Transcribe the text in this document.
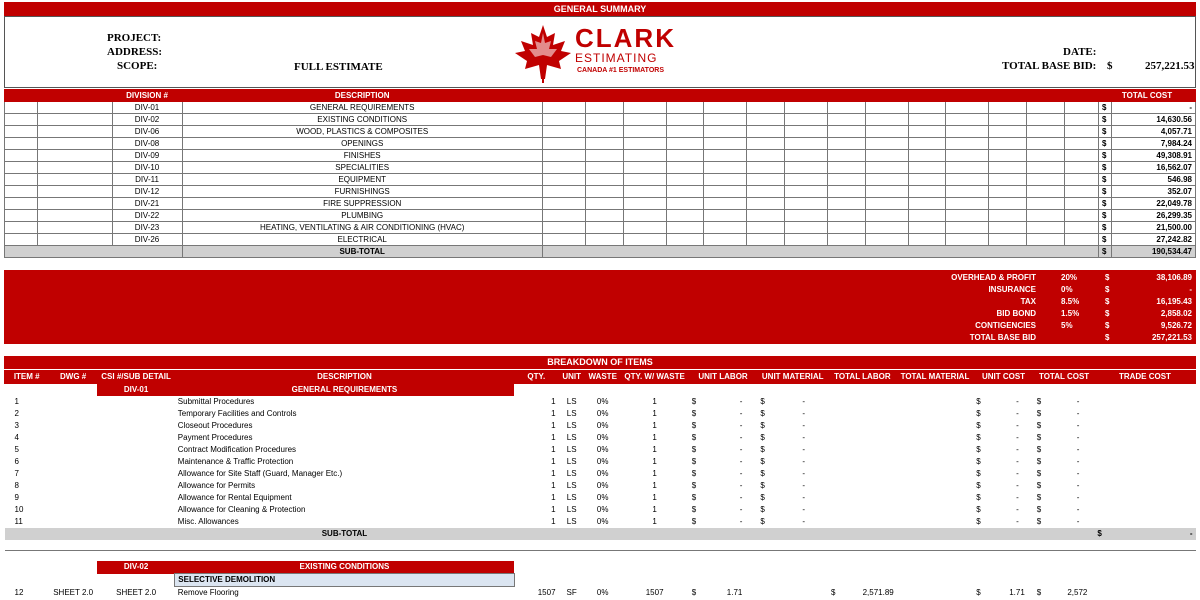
GENERAL SUMMARY
PROJECT:
ADDRESS:
SCOPE:	FULL ESTIMATE
CLARK
ESTIMATING
CANADA #1 ESTIMATORS
DATE:
TOTAL BASE BID: $	257,221.53
		DIVISION #	DESCRIPTION															TOTAL COST	
		DIV-01	GENERAL REQUIREMENTS															$	-
		DIV-02	EXISTING CONDITIONS															$	14,630.56
		DIV-06	WOOD, PLASTICS & COMPOSITES															$	4,057.71
		DIV-08	OPENINGS															$	7,984.24
		DIV-09	FINISHES															$	49,308.91
		DIV-10	SPECIALITIES															$	16,562.07
		DIV-11	EQUIPMENT															$	546.98
		DIV-12	FURNISHINGS															$	352.07
		DIV-21	FIRE SUPPRESSION															$	22,049.78
		DIV-22	PLUMBING															$	26,299.35
		DIV-23	HEATING, VENTILATING & AIR CONDITIONING (HVAC)															$	21,500.00
		DIV-26	ELECTRICAL															$	27,242.82
			SUB-TOTAL															$	190,534.47
OVERHEAD & PROFIT	20%	$	38,106.89
INSURANCE	0%	$	-
TAX	8.5%	$	16,195.43
BID BOND	1.5%	$	2,858.02
CONTIGENCIES	5%	$	9,526.72
TOTAL BASE BID	$	257,221.53
BREAKDOWN OF ITEMS
ITEM #	DWG #	CSI #/SUB DETAIL	DESCRIPTION	QTY.	UNIT	WASTE	QTY. W/ WASTE	UNIT LABOR	UNIT MATERIAL	TOTAL LABOR	TOTAL MATERIAL	UNIT COST	TOTAL COST	TRADE COST
		DIV-01	GENERAL REQUIREMENTS											
1			Submittal Procedures	1	LS	0%	1	$ -	$ -			$ -	$ -	

2			Temporary Facilities and Controls	1	LS	0%	1	$ -	$ -			$ -	$ -	

3			Closeout Procedures	1	LS	0%	1	$ -	$ -			$ -	$ -	

4			Payment Procedures	1	LS	0%	1	$ -	$ -			$ -	$ -	

5			Contract Modification Procedures	1	LS	0%	1	$ -	$ -			$ -	$ -	

6			Maintenance & Traffic Protection	1	LS	0%	1	$ -	$ -			$ -	$ -	

7			Allowance for Site Staff (Guard, Manager Etc.)	1	LS	0%	1	$ -	$ -			$ -	$ -	

8			Allowance for Permits	1	LS	0%	1	$ -	$ -			$ -	$ -	

9			Allowance for Rental Equipment	1	LS	0%	1	$ -	$ -			$ -	$ -	

10			Allowance for Cleaning & Protection	1	LS	0%	1	$ -	$ -			$ -	$ -	

11			Misc. Allowances	1	LS	0%	1	$ -	$ -			$ -	$ -	

			SUB-TOTAL											$ -

		DIV-02	EXISTING CONDITIONS											
			SELECTIVE DEMOLITION											
12	SHEET 2.0	SHEET 2.0	Remove Flooring	1507	SF	0%	1507	$ 1.71		$ 2,571.89		$ 1.71	$ 2,572	
